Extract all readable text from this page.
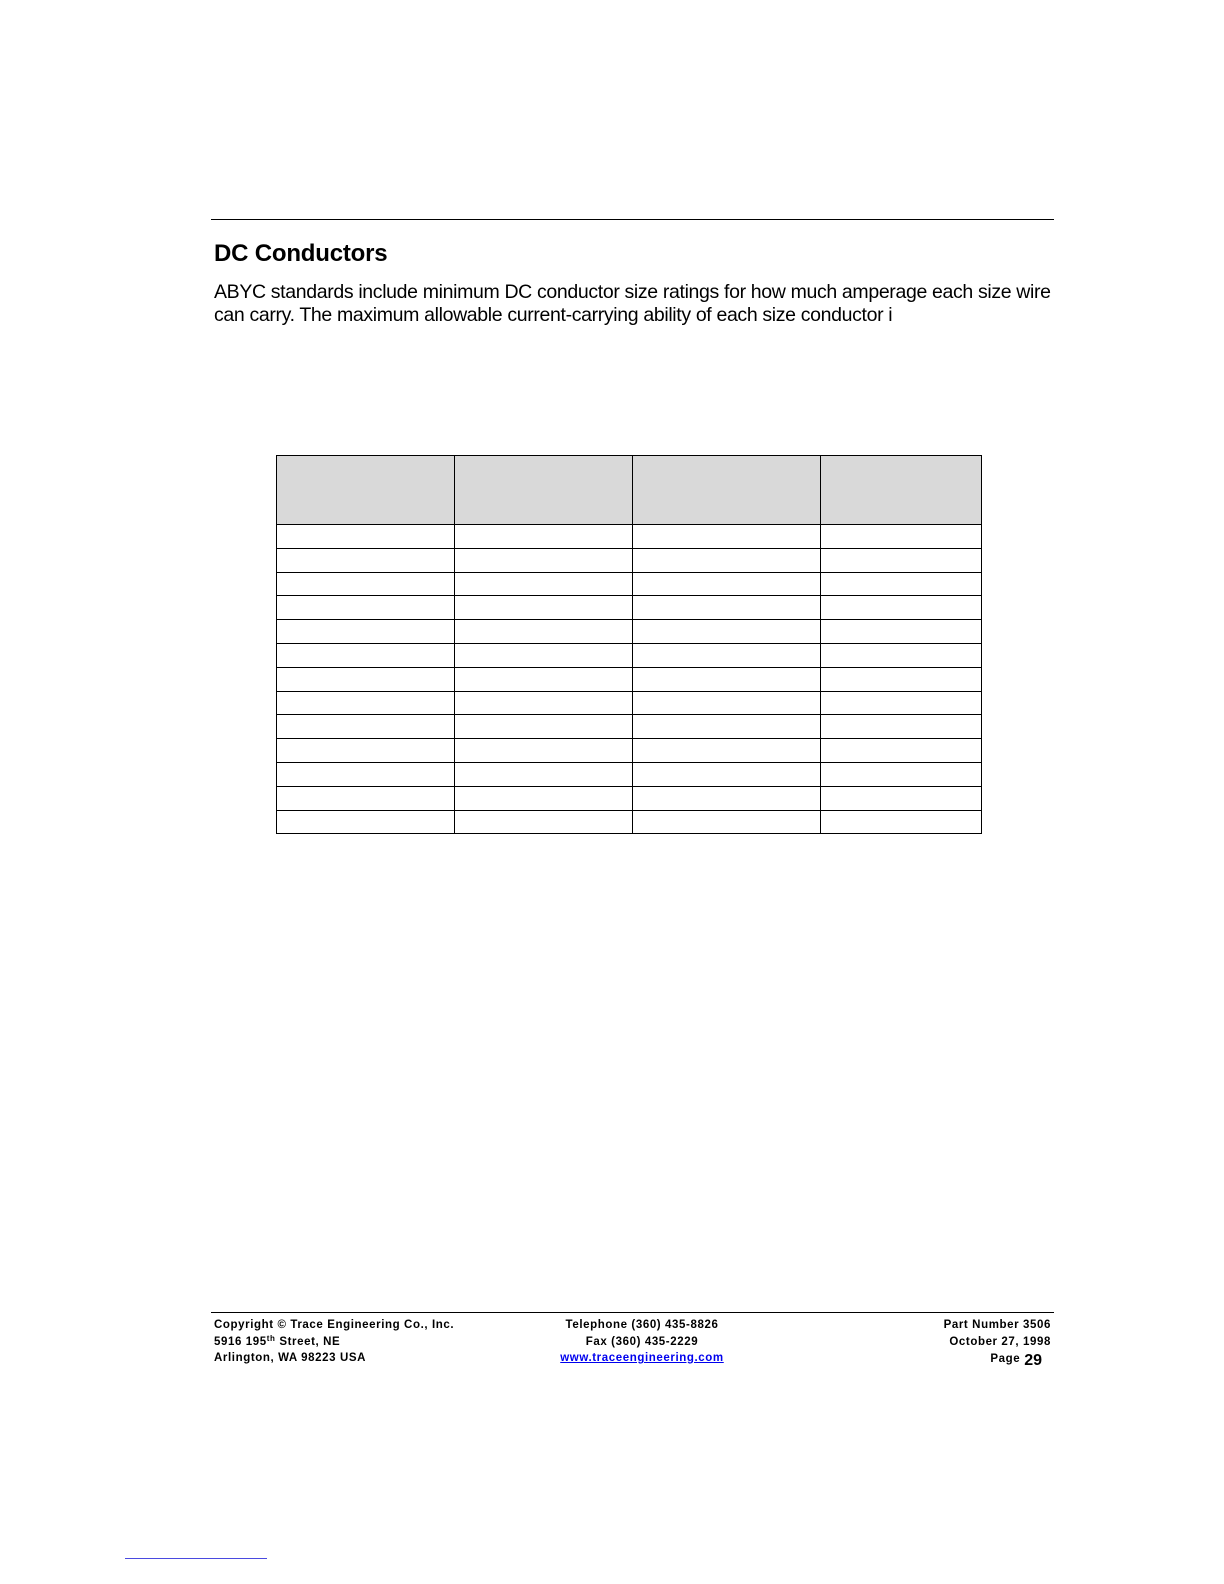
DC Conductors

ABYC standards include minimum DC conductor size ratings for how much amperage each size wire can carry. The maximum allowable current-carrying ability of each size conductor i

Copyright © Trace Engineering Co., Inc.
5916 195th Street, NE
Arlington, WA 98223 USA
Telephone (360) 435-8826
Fax (360) 435-2229
www.traceengineering.com
Part Number 3506
October 27, 1998
Page 29
